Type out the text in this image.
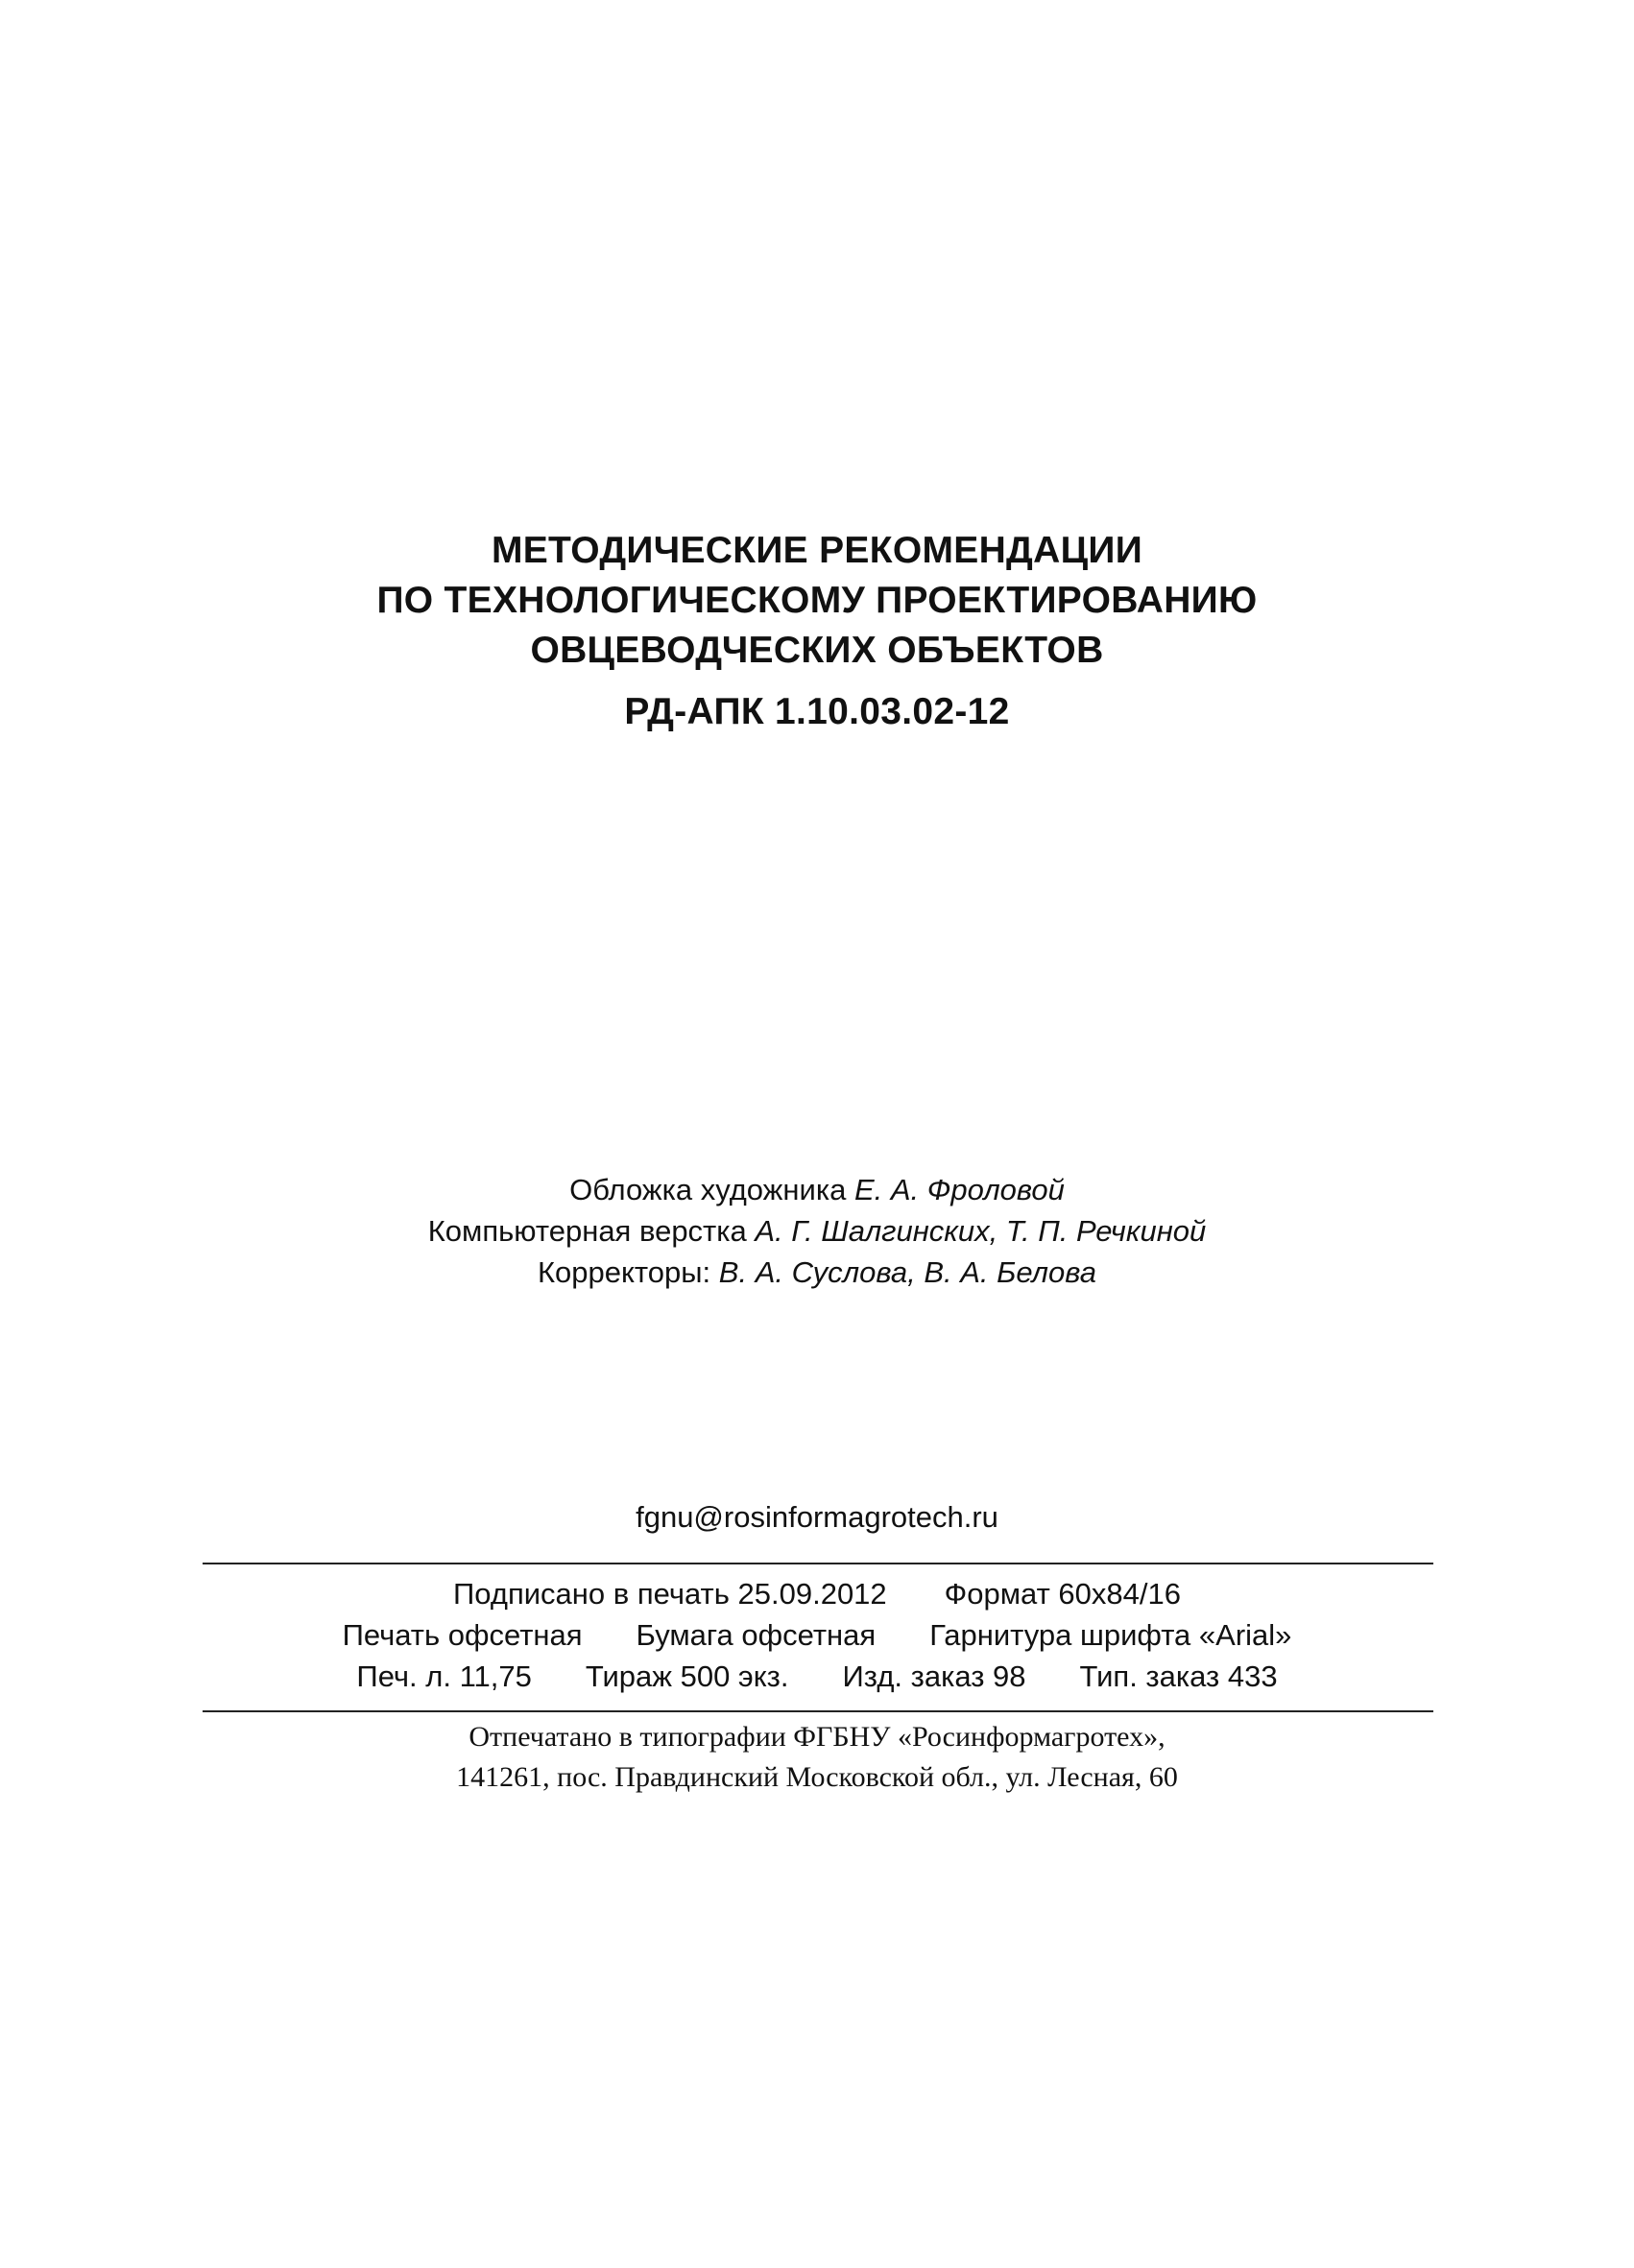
МЕТОДИЧЕСКИЕ РЕКОМЕНДАЦИИ
ПО ТЕХНОЛОГИЧЕСКОМУ ПРОЕКТИРОВАНИЮ
ОВЦЕВОДЧЕСКИХ ОБЪЕКТОВ
РД-АПК 1.10.03.02-12
Обложка художника Е. А. Фроловой
Компьютерная верстка А. Г. Шалгинских, Т. П. Речкиной
Корректоры: В. А. Суслова, В. А. Белова
fgnu@rosinformagrotech.ru
Подписано в печать 25.09.2012 Формат 60х84/16
Печать офсетная Бумага офсетная Гарнитура шрифта «Arial»
Печ. л. 11,75 Тираж 500 экз. Изд. заказ 98 Тип. заказ 433
Отпечатано в типографии ФГБНУ «Росинформагротех»,
141261, пос. Правдинский Московской обл., ул. Лесная, 60
